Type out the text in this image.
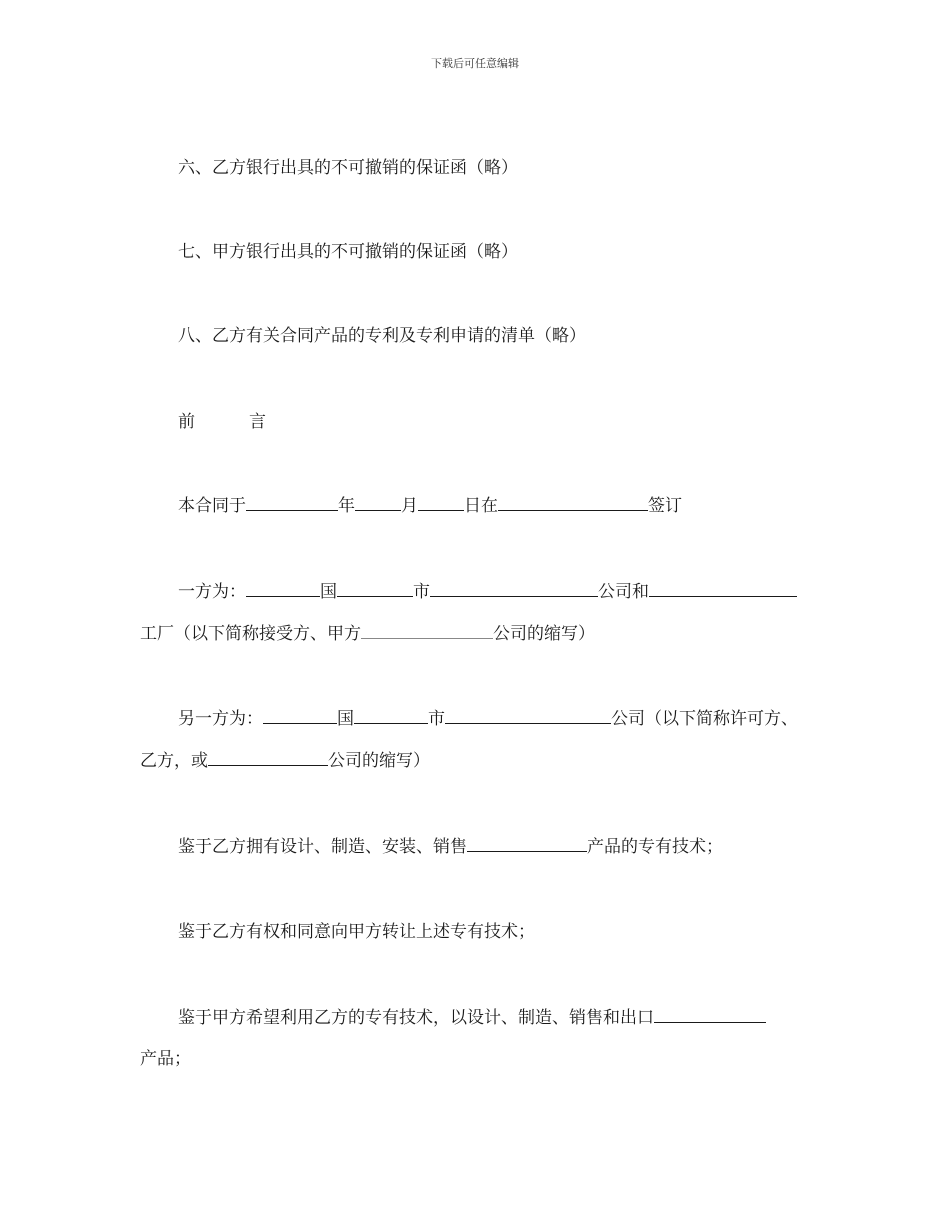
下载后可任意编辑
六、乙方银行出具的不可撤销的保证函（略）
七、甲方银行出具的不可撤销的保证函（略）
八、乙方有关合同产品的专利及专利申请的清单（略）
前	言
本合同于	年	月	日在	签订
一方为：	国	市	公司和
工厂（以下简称接受方、甲方	公司的缩写）
另一方为：	国	市	公司（以下简称许可方、
乙方，或	公司的缩写）
鉴于乙方拥有设计、制造、安装、销售	产品的专有技术；
鉴于乙方有权和同意向甲方转让上述专有技术；
鉴于甲方希望利用乙方的专有技术，以设计、制造、销售和出口
产品；
